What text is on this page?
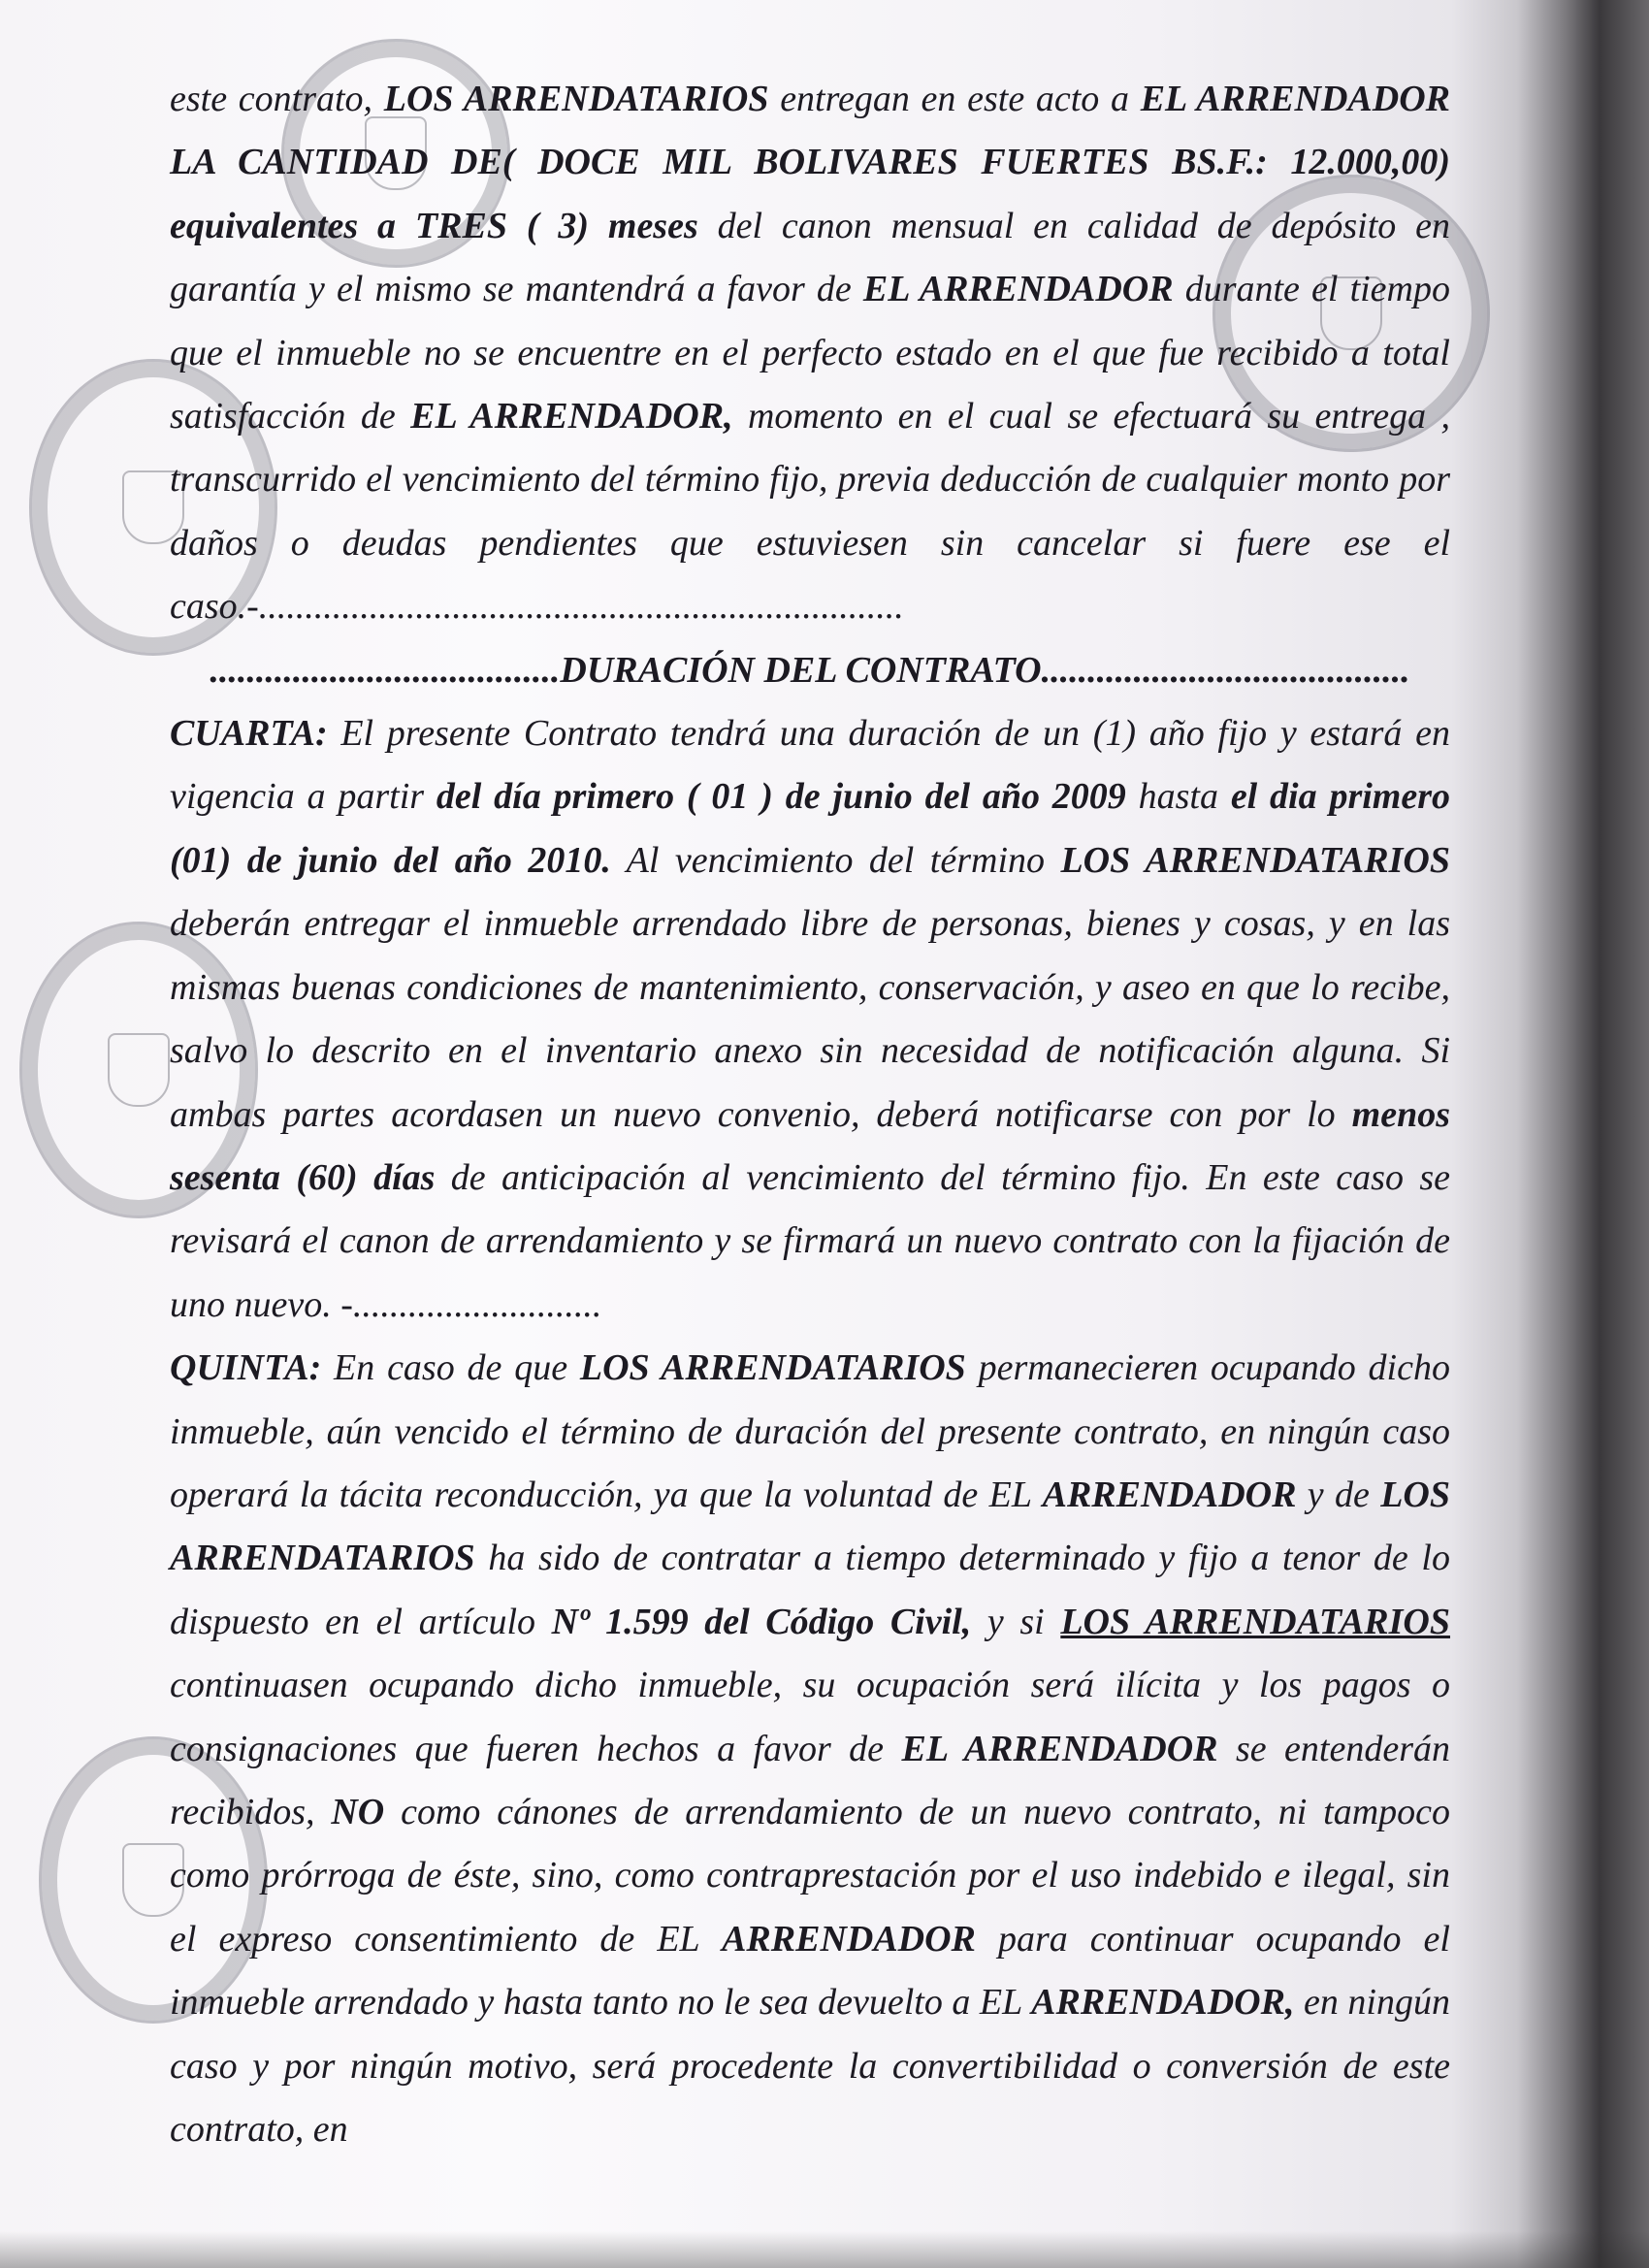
este contrato, LOS ARRENDATARIOS entregan en este acto a EL ARRENDADOR LA CANTIDAD DE( DOCE MIL BOLIVARES FUERTES BS.F.: 12.000,00) equivalentes a TRES ( 3) meses del canon mensual en calidad de depósito en garantía y el mismo se mantendrá a favor de EL ARRENDADOR durante el tiempo que el inmueble no se encuentre en el perfecto estado en el que fue recibido a total satisfacción de EL ARRENDADOR, momento en el cual se efectuará su entrega , transcurrido el vencimiento del término fijo, previa deducción de cualquier monto por daños o deudas pendientes que estuviesen sin cancelar si fuere ese el caso.-......................................................................

......................................DURACIÓN DEL CONTRATO........................................

CUARTA: El presente Contrato tendrá una duración de un (1) año fijo y estará en vigencia a partir del día primero ( 01 ) de junio del año 2009 hasta el dia primero (01) de junio del año 2010. Al vencimiento del término LOS ARRENDATARIOS deberán entregar el inmueble arrendado libre de personas, bienes y cosas, y en las mismas buenas condiciones de mantenimiento, conservación, y aseo en que lo recibe, salvo lo descrito en el inventario anexo sin necesidad de notificación alguna. Si ambas partes acordasen un nuevo convenio, deberá notificarse con por lo menos sesenta (60) días de anticipación al vencimiento del término fijo. En este caso se revisará el canon de arrendamiento y se firmará un nuevo contrato con la fijación de uno nuevo. -...........................

QUINTA: En caso de que LOS ARRENDATARIOS permanecieren ocupando dicho inmueble, aún vencido el término de duración del presente contrato, en ningún caso operará la tácita reconducción, ya que la voluntad de EL ARRENDADOR y de LOS ARRENDATARIOS ha sido de contratar a tiempo determinado y fijo a tenor de lo dispuesto en el artículo Nº 1.599 del Código Civil, y si LOS ARRENDATARIOS continuasen ocupando dicho inmueble, su ocupación será ilícita y los pagos o consignaciones que fueren hechos a favor de EL ARRENDADOR se entenderán recibidos, NO como cánones de arrendamiento de un nuevo contrato, ni tampoco como prórroga de éste, sino, como contraprestación por el uso indebido e ilegal, sin el expreso consentimiento de EL ARRENDADOR para continuar ocupando el inmueble arrendado y hasta tanto no le sea devuelto a EL ARRENDADOR, en ningún caso y por ningún motivo, será procedente la convertibilidad o conversión de este contrato, en
